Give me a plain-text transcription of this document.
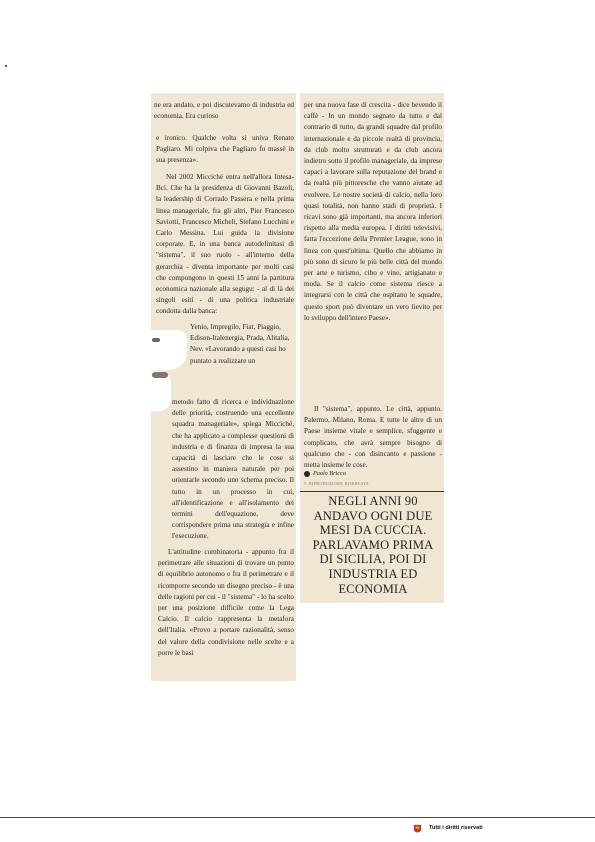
ne era andato, e poi discutevamo di industria ed economia. Era curioso

e ironico. Qualche volta si univa Renato Pagliaro. Mi colpiva che Pagliaro fu massè in sua presenza».

Nel 2002 Micciché entra nell'allora Intesa-Bci. Che ha la presidenza di Giovanni Bazoli, la leadership di Corrado Passera e nella prima linea manageriale, fra gli altri, Pier Francesco Saviotti, Francesco Micheli, Stefano Lucchini e Carlo Messina. Lui guida la divisione corporate. E, in una banca autodefinitasi di "sistema", il suo ruolo - all'interno della gerarchia - diventa importante per molti casi che compongono in questi 15 anni la partitura economica nazionale alla segugu: - al di là dei singoli esiti - di una politica industriale condotta dalla banca:

Yenio, Impregilo, Fiat, Piaggio, Edison-Italenergia, Prada, Alitalia, Nev. «Lavorando a questi casi ho puntato a realizzare un

metodo fatto di ricerca e individuazione delle priorità, costruendo una eccellente squadra manageriale», spiega Micciché, che ha applicato a complesse questioni di industria e di finanza di impresa la sua capacità di lasciare che le cose si assestino in maniera naturale per poi orientarle secondo uno schema preciso. Il tutto in un processo in cui, all'identificazione e all'isolamento dei termini dell'equazione, deve corrispondere prima una strategia e infine l'esecuzione.

L'attitudine combinatoria - appunto fra il perimetrare alle situazioni di trovare un punto di equilibrio autonomo e fra il perimetrare e il ricomporre secondo un disegno preciso - è una delle ragioni per cui - il "sistema" - lo ha scelto per una posizione difficile come la Lega Calcio. Il calcio rappresenta la metafora dell'Italia. «Provo a portare razionalità, senso del valore della condivisione nelle scelte e a porre le basi

per una nuova fase di crescita - dice bevendo il caffè - In un mondo segnato da tutto e dal contrario di tutto, da grandi squadre dal profilo internazionale e da piccole realtà di provincia, da club molto strutturati e da club ancora indietro sotto il profilo manageriale, da imprese capaci a lavorare sulla reputazione del brand e da realtà più pittoresche che vanno aiutate ad evolvere. Le nostre società di calcio, nella loro quasi totalità, non hanno stadi di proprietà. I ricavi sono già importanti, ma ancora inferiori rispetto alla media europea. I diritti televisivi, fatta l'eccezione della Premier League, sono in linea con quest'ultima. Quello che abbiamo in più sono di sicuro le più belle città del mondo per arte e turismo, cibo e vino, artigianato e moda. Se il calcio come sistema riesce a integrarsi con le città che ospitano le squadre, questo sport può diventare un vero lievito per lo sviluppo dell'intero Paese».

Il "sistema", appunto. Le città, appunto. Palermo, Milano, Roma. E tutte le altre di un Paese insieme vitale e semplice, sfuggente e complicato, che avrà sempre bisogno di qualcuno che - con disincanto e passione - metta insieme le cose.

Paolo Bricco
© RIPRODUZIONE RISERVATA
NEGLI ANNI 90 ANDAVO OGNI DUE MESI DA CUCCIA. PARLAVAMO PRIMA DI SICILIA, POI DI INDUSTRIA ED ECONOMIA
Tutti i diritti riservati
